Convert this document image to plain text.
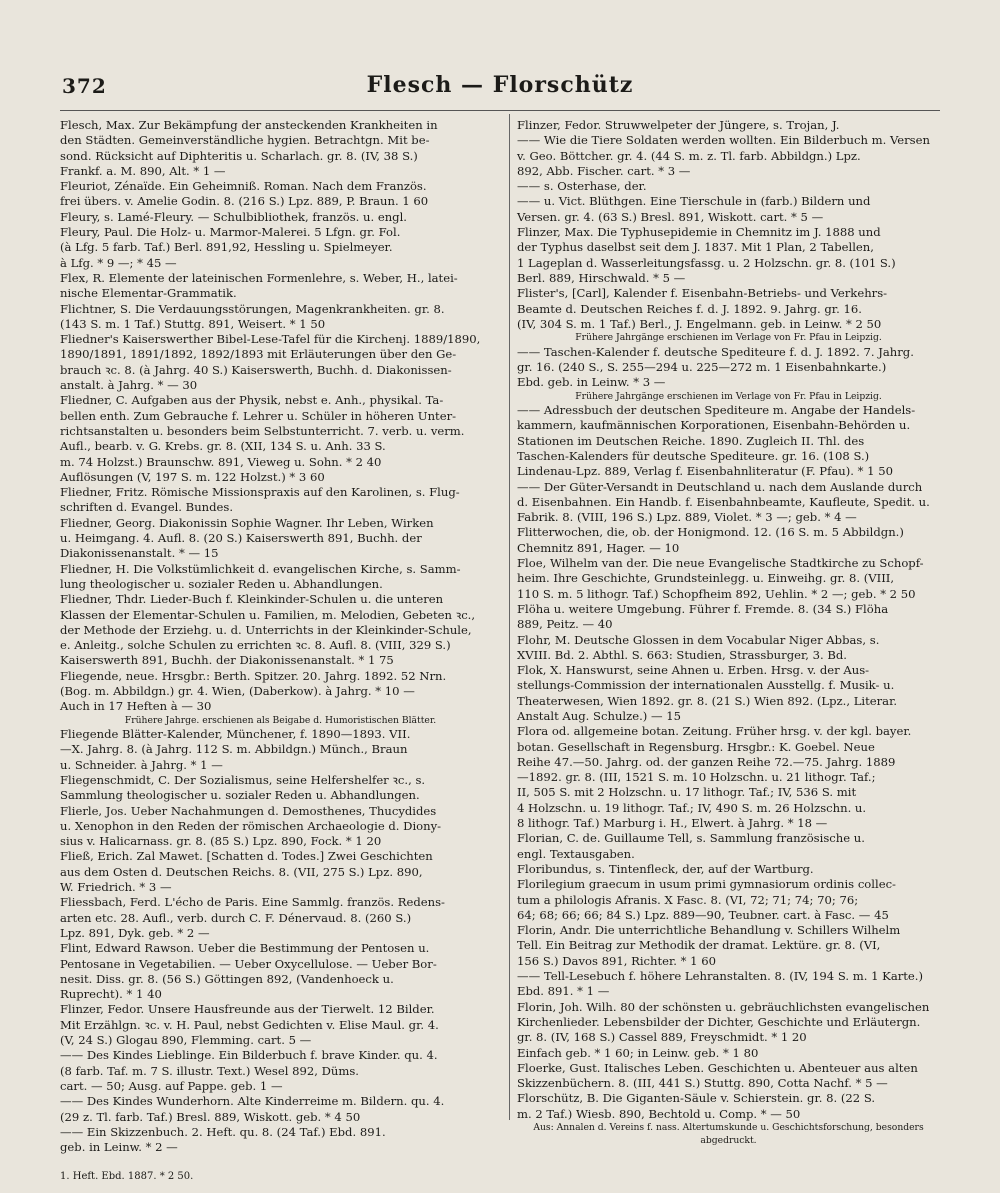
372	Flesch — Florschütz
Flesch, Max. Zur Bekämpfung der ansteckenden Krankheiten in
den Städten. Gemeinverständliche hygien. Betrachtgn. Mit be-
sond. Rücksicht auf Diphteritis u. Scharlach. gr. 8. (IV, 38 S.)
Frankf. a. M. 890, Alt. * 1 —
Fleuriot, Zénaïde. Ein Geheimniß. Roman. Nach dem Französ.
frei übers. v. Amelie Godin. 8. (216 S.) Lpz. 889, P. Braun. 1 60
Fleury, s. Lamé-Fleury. — Schulbibliothek, französ. u. engl.
Fleury, Paul. Die Holz- u. Marmor-Malerei. 5 Lfgn. gr. Fol.
(à Lfg. 5 farb. Taf.) Berl. 891,92, Hessling u. Spielmeyer.
à Lfg. * 9 —; * 45 —
Flex, R. Elemente der lateinischen Formenlehre, s. Weber, H., latei-
nische Elementar-Grammatik.
Flichtner, S. Die Verdauungsstörungen, Magenkrankheiten. gr. 8.
(143 S. m. 1 Taf.) Stuttg. 891, Weisert. * 1 50
Fliedner's Kaiserswerther Bibel-Lese-Tafel für die Kirchenj. 1889/1890,
1890/1891, 1891/1892, 1892/1893 mit Erläuterungen über den Ge-
brauch ꝛc. 8. (à Jahrg. 40 S.) Kaiserswerth, Buchh. d. Diakonissen-
anstalt. à Jahrg. * — 30
Fliedner, C. Aufgaben aus der Physik, nebst e. Anh., physikal. Ta-
bellen enth. Zum Gebrauche f. Lehrer u. Schüler in höheren Unter-
richtsanstalten u. besonders beim Selbstunterricht. 7. verb. u. verm.
Aufl., bearb. v. G. Krebs. gr. 8. (XII, 134 S. u. Anh. 33 S.
m. 74 Holzst.) Braunschw. 891, Vieweg u. Sohn. * 2 40
Auflösungen (V, 197 S. m. 122 Holzst.) * 3 60
Fliedner, Fritz. Römische Missionspraxis auf den Karolinen, s. Flug-
schriften d. Evangel. Bundes.
Fliedner, Georg. Diakonissin Sophie Wagner. Ihr Leben, Wirken
u. Heimgang. 4. Aufl. 8. (20 S.) Kaiserswerth 891, Buchh. der
Diakonissenanstalt. * — 15
Fliedner, H. Die Volkstümlichkeit d. evangelischen Kirche, s. Samm-
lung theologischer u. sozialer Reden u. Abhandlungen.
Fliedner, Thdr. Lieder-Buch f. Kleinkinder-Schulen u. die unteren
Klassen der Elementar-Schulen u. Familien, m. Melodien, Gebeten ꝛc.,
der Methode der Erziehg. u. d. Unterrichts in der Kleinkinder-Schule,
e. Anleitg., solche Schulen zu errichten ꝛc. 8. Aufl. 8. (VIII, 329 S.)
Kaiserswerth 891, Buchh. der Diakonissenanstalt. * 1 75
Fliegende, neue. Hrsgbr.: Berth. Spitzer. 20. Jahrg. 1892. 52 Nrn.
(Bog. m. Abbildgn.) gr. 4. Wien, (Daberkow). à Jahrg. * 10 —
Auch in 17 Heften à — 30
Frühere Jahrge. erschienen als Beigabe d. Humoristischen Blätter.
Fliegende Blätter-Kalender, Münchener, f. 1890—1893. VII.
—X. Jahrg. 8. (à Jahrg. 112 S. m. Abbildgn.) Münch., Braun
u. Schneider. à Jahrg. * 1 —
Fliegenschmidt, C. Der Sozialismus, seine Helfershelfer ꝛc., s.
Sammlung theologischer u. sozialer Reden u. Abhandlungen.
Flierle, Jos. Ueber Nachahmungen d. Demosthenes, Thucydides
u. Xenophon in den Reden der römischen Archaeologie d. Diony-
sius v. Halicarnass. gr. 8. (85 S.) Lpz. 890, Fock. * 1 20
Fließ, Erich. Zal Mawet. [Schatten d. Todes.] Zwei Geschichten
aus dem Osten d. Deutschen Reichs. 8. (VII, 275 S.) Lpz. 890,
W. Friedrich. * 3 —
Fliessbach, Ferd. L'écho de Paris. Eine Sammlg. französ. Redens-
arten etc. 28. Aufl., verb. durch C. F. Dénervaud. 8. (260 S.)
Lpz. 891, Dyk. geb. * 2 —
Flint, Edward Rawson. Ueber die Bestimmung der Pentosen u.
Pentosane in Vegetabilien. — Ueber Oxycellulose. — Ueber Bor-
nesit. Diss. gr. 8. (56 S.) Göttingen 892, (Vandenhoeck u.
Ruprecht). * 1 40
Flinzer, Fedor. Unsere Hausfreunde aus der Tierwelt. 12 Bilder.
Mit Erzählgn. ꝛc. v. H. Paul, nebst Gedichten v. Elise Maul. gr. 4.
(V, 24 S.) Glogau 890, Flemming. cart. 5 —
—— Des Kindes Lieblinge. Ein Bilderbuch f. brave Kinder. qu. 4.
(8 farb. Taf. m. 7 S. illustr. Text.) Wesel 892, Düms.
cart. — 50; Ausg. auf Pappe. geb. 1 —
—— Des Kindes Wunderhorn. Alte Kinderreime m. Bildern. qu. 4.
(29 z. Tl. farb. Taf.) Bresl. 889, Wiskott. geb. * 4 50
—— Ein Skizzenbuch. 2. Heft. qu. 8. (24 Taf.) Ebd. 891.
geb. in Leinw. * 2 —
1. Heft. Ebd. 1887. * 2 50.
Flinzer, Fedor. Struwwelpeter der Jüngere, s. Trojan, J.
—— Wie die Tiere Soldaten werden wollten. Ein Bilderbuch m. Versen
v. Geo. Böttcher. gr. 4. (44 S. m. z. Tl. farb. Abbildgn.) Lpz.
892, Abb. Fischer. cart. * 3 —
—— s. Osterhase, der.
—— u. Vict. Blüthgen. Eine Tierschule in (farb.) Bildern und
Versen. gr. 4. (63 S.) Bresl. 891, Wiskott. cart. * 5 —
Flinzer, Max. Die Typhusepidemie in Chemnitz im J. 1888 und
der Typhus daselbst seit dem J. 1837. Mit 1 Plan, 2 Tabellen,
1 Lageplan d. Wasserleitungsfassg. u. 2 Holzschn. gr. 8. (101 S.)
Berl. 889, Hirschwald. * 5 —
Flister's, [Carl], Kalender f. Eisenbahn-Betriebs- und Verkehrs-
Beamte d. Deutschen Reiches f. d. J. 1892. 9. Jahrg. gr. 16.
(IV, 304 S. m. 1 Taf.) Berl., J. Engelmann. geb. in Leinw. * 2 50
Frühere Jahrgänge erschienen im Verlage von Fr. Pfau in Leipzig.
—— Taschen-Kalender f. deutsche Spediteure f. d. J. 1892. 7. Jahrg.
gr. 16. (240 S., S. 255—294 u. 225—272 m. 1 Eisenbahnkarte.)
Ebd. geb. in Leinw. * 3 —
Frühere Jahrgänge erschienen im Verlage von Fr. Pfau in Leipzig.
—— Adressbuch der deutschen Spediteure m. Angabe der Handels-
kammern, kaufmännischen Korporationen, Eisenbahn-Behörden u.
Stationen im Deutschen Reiche. 1890. Zugleich II. Thl. des
Taschen-Kalenders für deutsche Spediteure. gr. 16. (108 S.)
Lindenau-Lpz. 889, Verlag f. Eisenbahnliteratur (F. Pfau). * 1 50
—— Der Güter-Versandt in Deutschland u. nach dem Auslande durch
d. Eisenbahnen. Ein Handb. f. Eisenbahnbeamte, Kaufleute, Spedit. u.
Fabrik. 8. (VIII, 196 S.) Lpz. 889, Violet. * 3 —; geb. * 4 —
Flitterwochen, die, ob. der Honigmond. 12. (16 S. m. 5 Abbildgn.)
Chemnitz 891, Hager. — 10
Floe, Wilhelm van der. Die neue Evangelische Stadtkirche zu Schopf-
heim. Ihre Geschichte, Grundsteinlegg. u. Einweihg. gr. 8. (VIII,
110 S. m. 5 lithogr. Taf.) Schopfheim 892, Uehlin. * 2 —; geb. * 2 50
Flöha u. weitere Umgebung. Führer f. Fremde. 8. (34 S.) Flöha
889, Peitz. — 40
Flohr, M. Deutsche Glossen in dem Vocabular Niger Abbas, s.
XVIII. Bd. 2. Abthl. S. 663: Studien, Strassburger, 3. Bd.
Flok, X. Hanswurst, seine Ahnen u. Erben. Hrsg. v. der Aus-
stellungs-Commission der internationalen Ausstellg. f. Musik- u.
Theaterwesen, Wien 1892. gr. 8. (21 S.) Wien 892. (Lpz., Literar.
Anstalt Aug. Schulze.) — 15
Flora od. allgemeine botan. Zeitung. Früher hrsg. v. der kgl. bayer.
botan. Gesellschaft in Regensburg. Hrsgbr.: K. Goebel. Neue
Reihe 47.—50. Jahrg. od. der ganzen Reihe 72.—75. Jahrg. 1889
—1892. gr. 8. (III, 1521 S. m. 10 Holzschn. u. 21 lithogr. Taf.;
II, 505 S. mit 2 Holzschn. u. 17 lithogr. Taf.; IV, 536 S. mit
4 Holzschn. u. 19 lithogr. Taf.; IV, 490 S. m. 26 Holzschn. u.
8 lithogr. Taf.) Marburg i. H., Elwert. à Jahrg. * 18 —
Florian, C. de. Guillaume Tell, s. Sammlung französische u.
engl. Textausgaben.
Floribundus, s. Tintenfleck, der, auf der Wartburg.
Florilegium graecum in usum primi gymnasiorum ordinis collec-
tum a philologis Afranis. X Fasc. 8. (VI, 72; 71; 74; 70; 76;
64; 68; 66; 66; 84 S.) Lpz. 889—90, Teubner. cart. à Fasc. — 45
Florin, Andr. Die unterrichtliche Behandlung v. Schillers Wilhelm
Tell. Ein Beitrag zur Methodik der dramat. Lektüre. gr. 8. (VI,
156 S.) Davos 891, Richter. * 1 60
—— Tell-Lesebuch f. höhere Lehranstalten. 8. (IV, 194 S. m. 1 Karte.)
Ebd. 891. * 1 —
Florin, Joh. Wilh. 80 der schönsten u. gebräuchlichsten evangelischen
Kirchenlieder. Lebensbilder der Dichter, Geschichte und Erläutergn.
gr. 8. (IV, 168 S.) Cassel 889, Freyschmidt. * 1 20
Einfach geb. * 1 60; in Leinw. geb. * 1 80
Floerke, Gust. Italisches Leben. Geschichten u. Abenteuer aus alten
Skizzenbüchern. 8. (III, 441 S.) Stuttg. 890, Cotta Nachf. * 5 —
Florschütz, B. Die Giganten-Säule v. Schierstein. gr. 8. (22 S.
m. 2 Taf.) Wiesb. 890, Bechtold u. Comp. * — 50
Aus: Annalen d. Vereins f. nass. Altertumskunde u. Geschichtsforschung, besonders abgedruckt.
